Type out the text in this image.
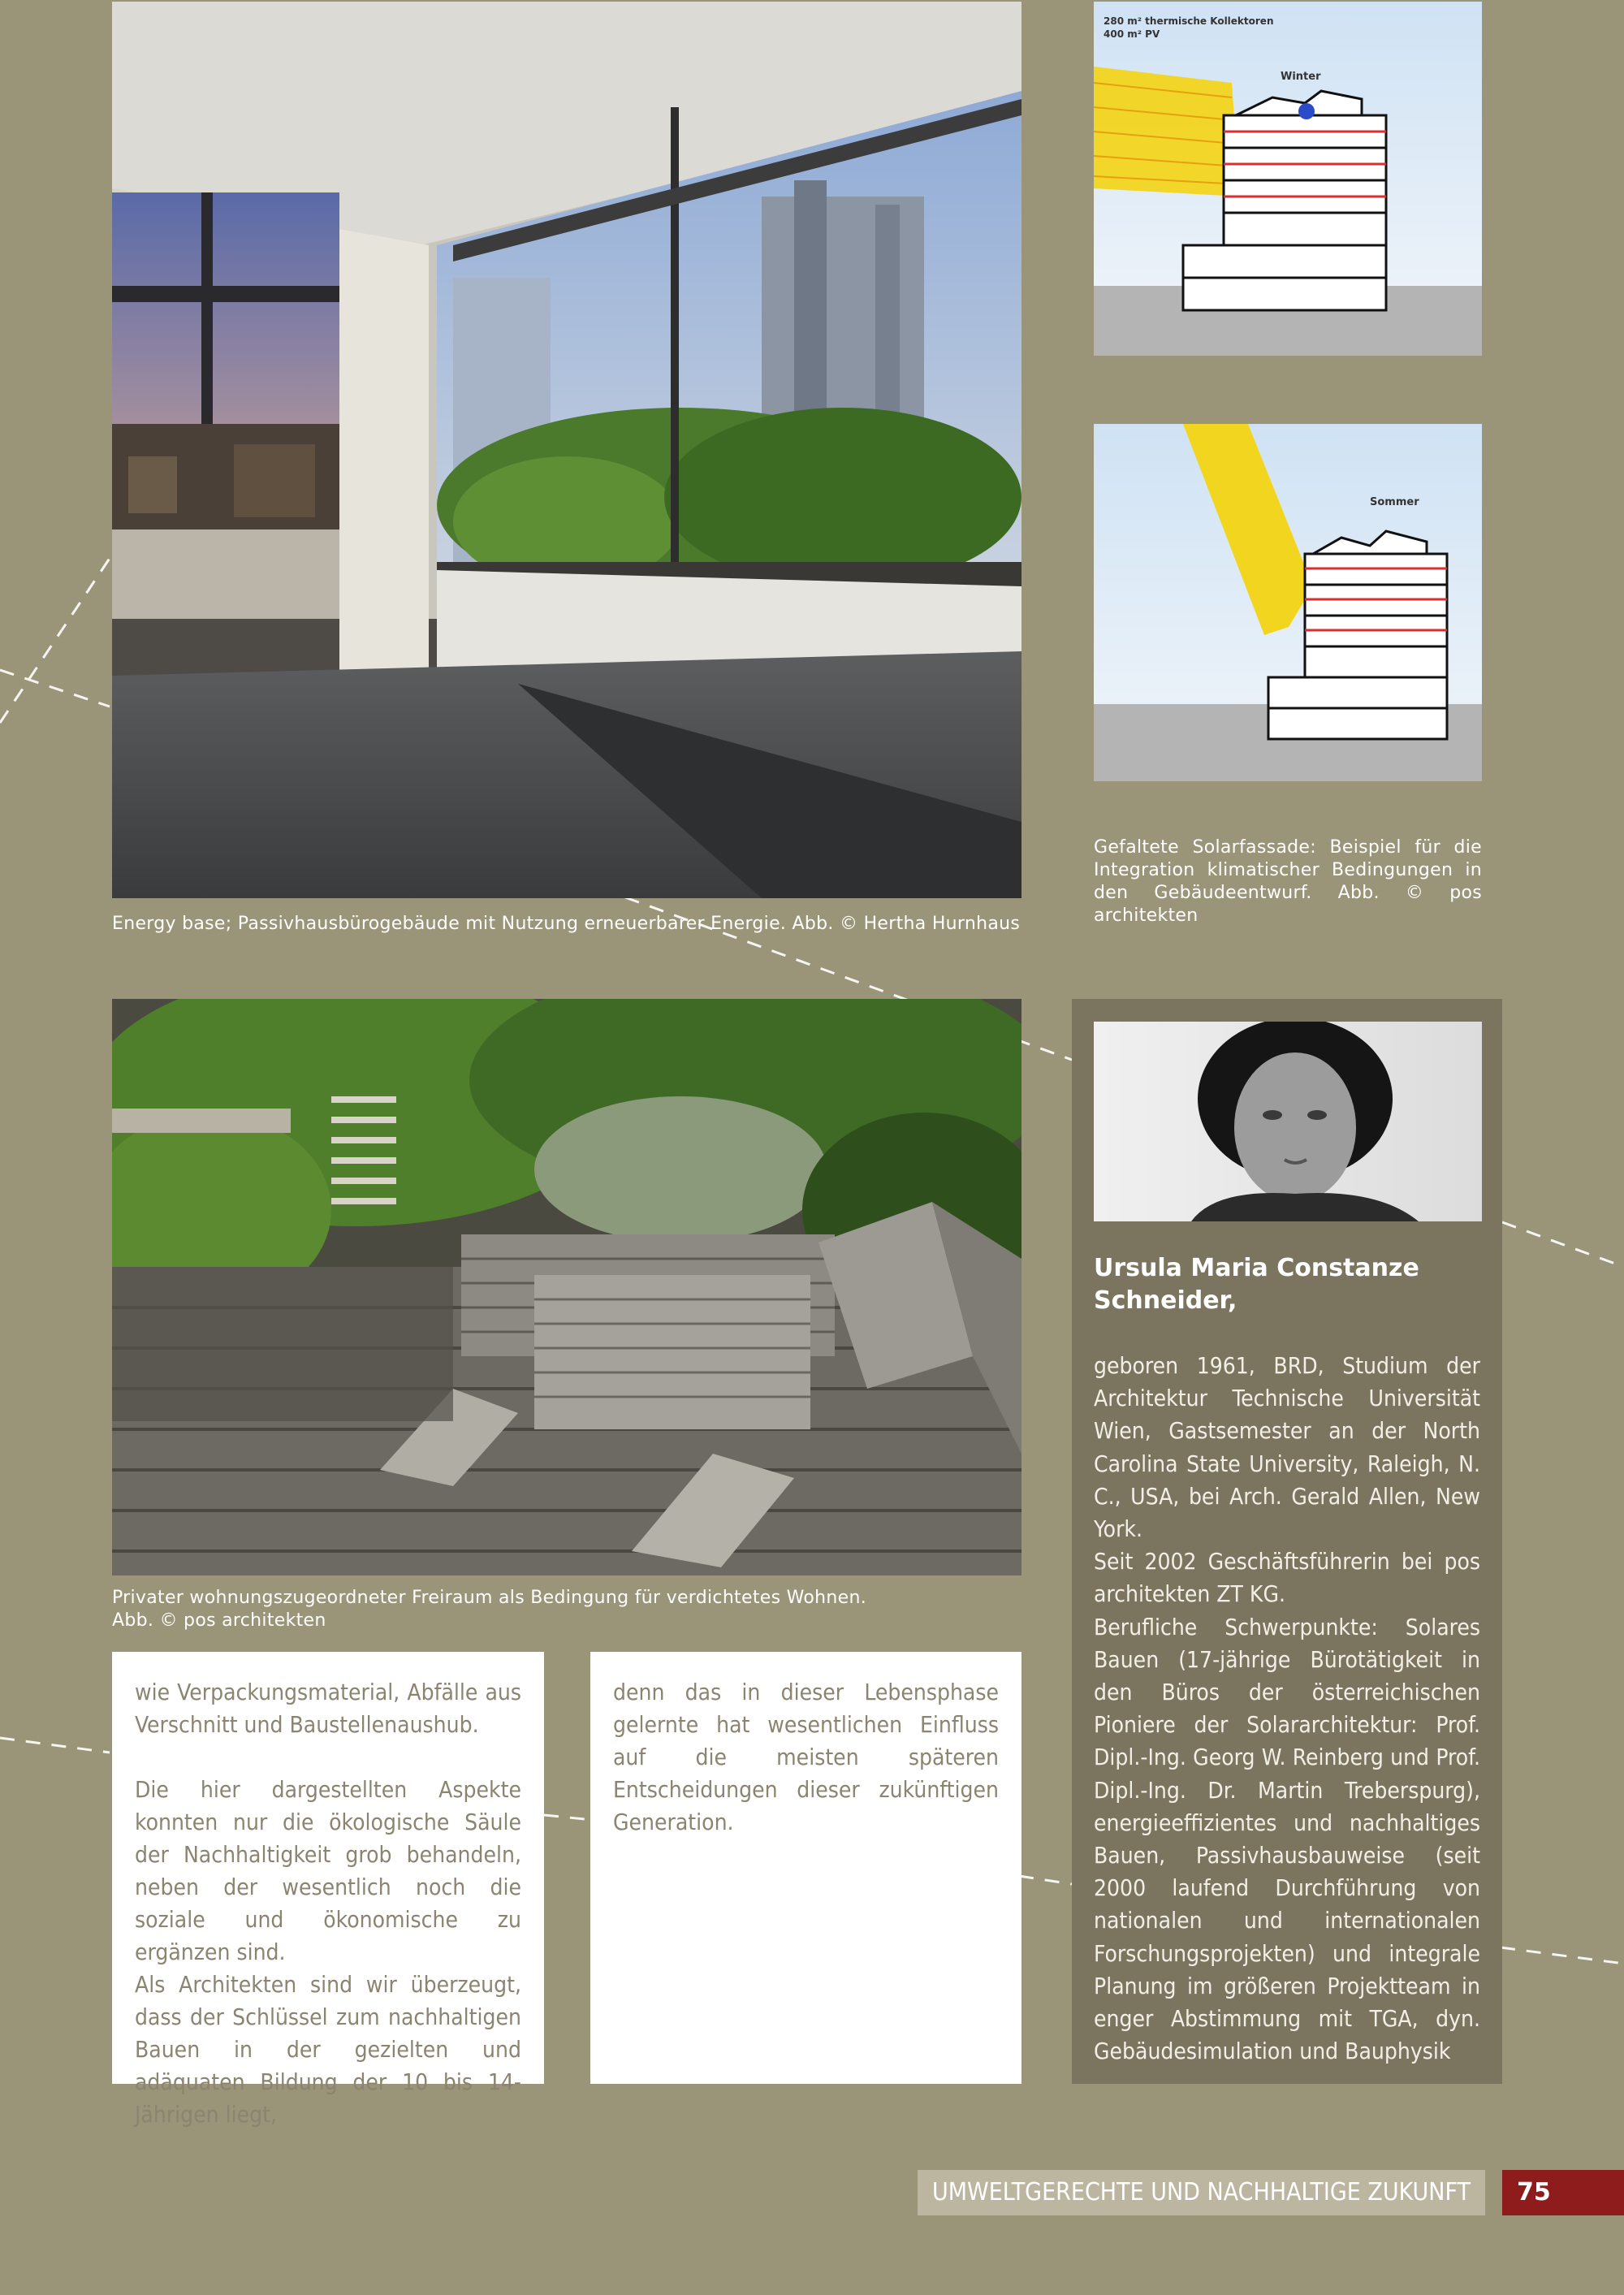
Energy base; Passivhausbürogebäude mit Nutzung erneuerbarer Energie. Abb. © Hertha Hurnhaus
280 m² thermische Kollektoren
400 m² PV
Winter
Sommer
Gefaltete Solarfassade: Beispiel für die Integration klimatischer Bedingungen in den Gebäudeentwurf. Abb. © pos architekten
Privater wohnungszugeordneter Freiraum als Bedingung für verdichtetes Wohnen.
Abb. © pos architekten

wie Verpackungsmaterial, Abfälle aus Verschnitt und Baustellenaushub.

Die hier dargestellten Aspekte konnten nur die ökologische Säule der Nachhaltigkeit grob behandeln, neben der wesentlich noch die soziale und ökonomische zu ergänzen sind.

Als Architekten sind wir überzeugt, dass der Schlüssel zum nachhaltigen Bauen in der gezielten und adäquaten Bildung der 10 bis 14-Jährigen liegt,

denn das in dieser Lebensphase gelernte hat wesentlichen Einfluss auf die meisten späteren Entscheidungen dieser zukünftigen Generation.

Ursula Maria Constanze
Schneider,

geboren 1961, BRD, Studium der Architektur Technische Universität Wien, Gastsemester an der North Carolina State University, Raleigh, N. C., USA, bei Arch. Gerald Allen, New York.

Seit 2002 Geschäftsführerin bei pos architekten ZT KG.

Berufliche Schwerpunkte: Solares Bauen (17-jährige Bürotätigkeit in den Büros der österreichischen Pioniere der Solararchitektur: Prof. Dipl.-Ing. Georg W. Reinberg und Prof. Dipl.-Ing. Dr. Martin Treberspurg), energieeffizientes und nachhaltiges Bauen, Passivhausbauweise (seit 2000 laufend Durchführung von nationalen und internationalen Forschungsprojekten) und integrale Planung im größeren Projektteam in enger Abstimmung mit TGA, dyn. Gebäudesimulation und Bauphysik

UMWELTGERECHTE UND NACHHALTIGE ZUKUNFT	75
